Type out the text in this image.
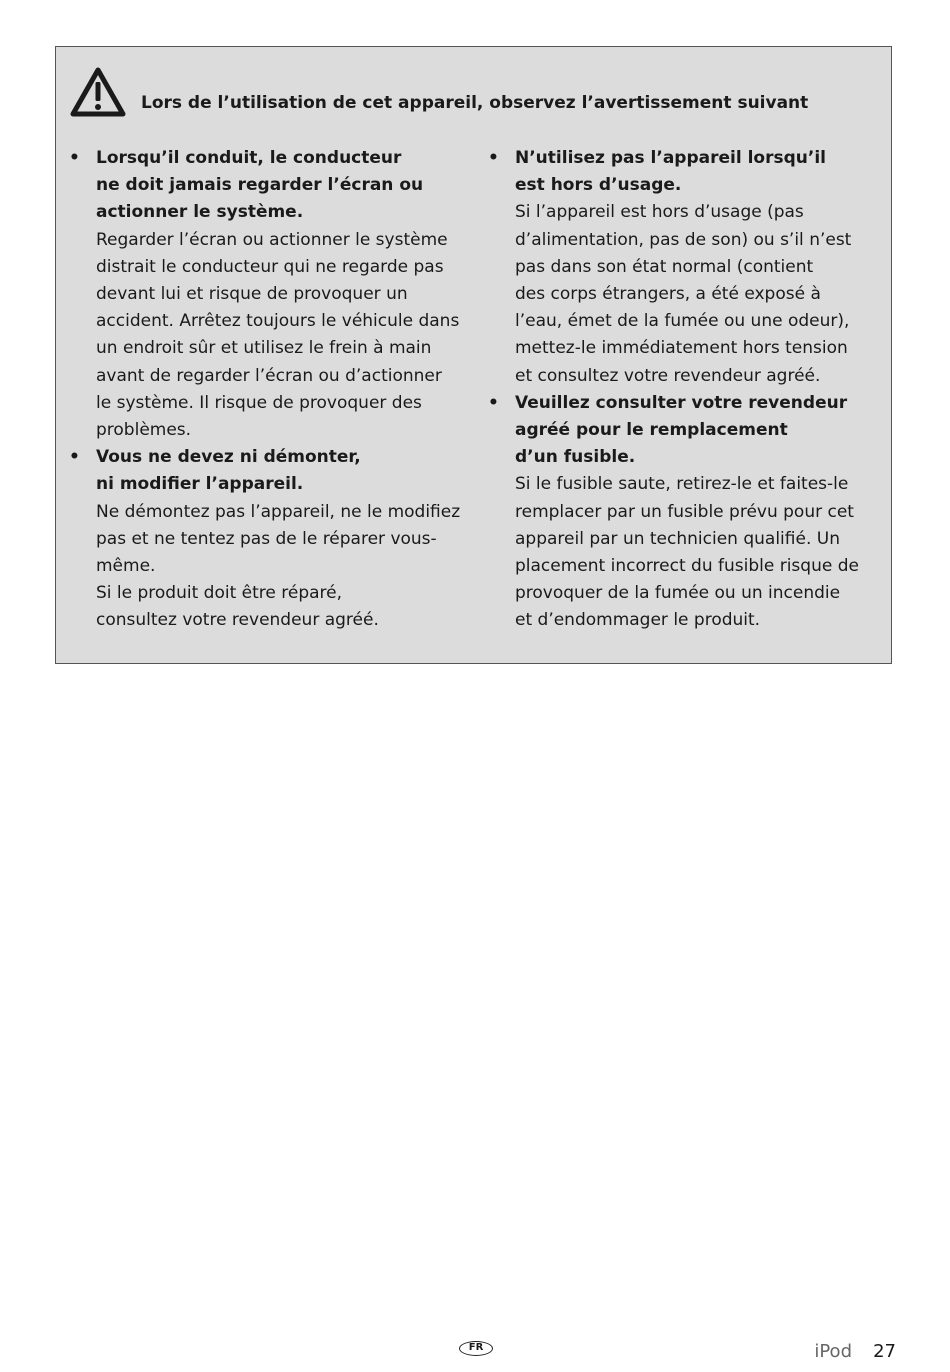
Lors de l’utilisation de cet appareil, observez l’avertissement suivant
• Lorsqu’il conduit, le conducteur
ne doit jamais regarder l’écran ou
actionner le système.
Regarder l’écran ou actionner le système
distrait le conducteur qui ne regarde pas
devant lui et risque de provoquer un
accident. Arrêtez toujours le véhicule dans
un endroit sûr et utilisez le frein à main
avant de regarder l’écran ou d’actionner
le système. Il risque de provoquer des
problèmes.
• Vous ne devez ni démonter,
ni modifier l’appareil.
Ne démontez pas l’appareil, ne le modifiez
pas et ne tentez pas de le réparer vous-
même.
Si le produit doit être réparé,
consultez votre revendeur agréé.
• N’utilisez pas l’appareil lorsqu’il
est hors d’usage.
Si l’appareil est hors d’usage (pas
d’alimentation, pas de son) ou s’il n’est
pas dans son état normal (contient
des corps étrangers, a été exposé à
l’eau, émet de la fumée ou une odeur),
mettez-le immédiatement hors tension
et consultez votre revendeur agréé.
• Veuillez consulter votre revendeur
agréé pour le remplacement
d’un fusible.
Si le fusible saute, retirez-le et faites-le
remplacer par un fusible prévu pour cet
appareil par un technicien qualifié. Un
placement incorrect du fusible risque de
provoquer de la fumée ou un incendie
et d’endommager le produit.
FR	iPod	27
